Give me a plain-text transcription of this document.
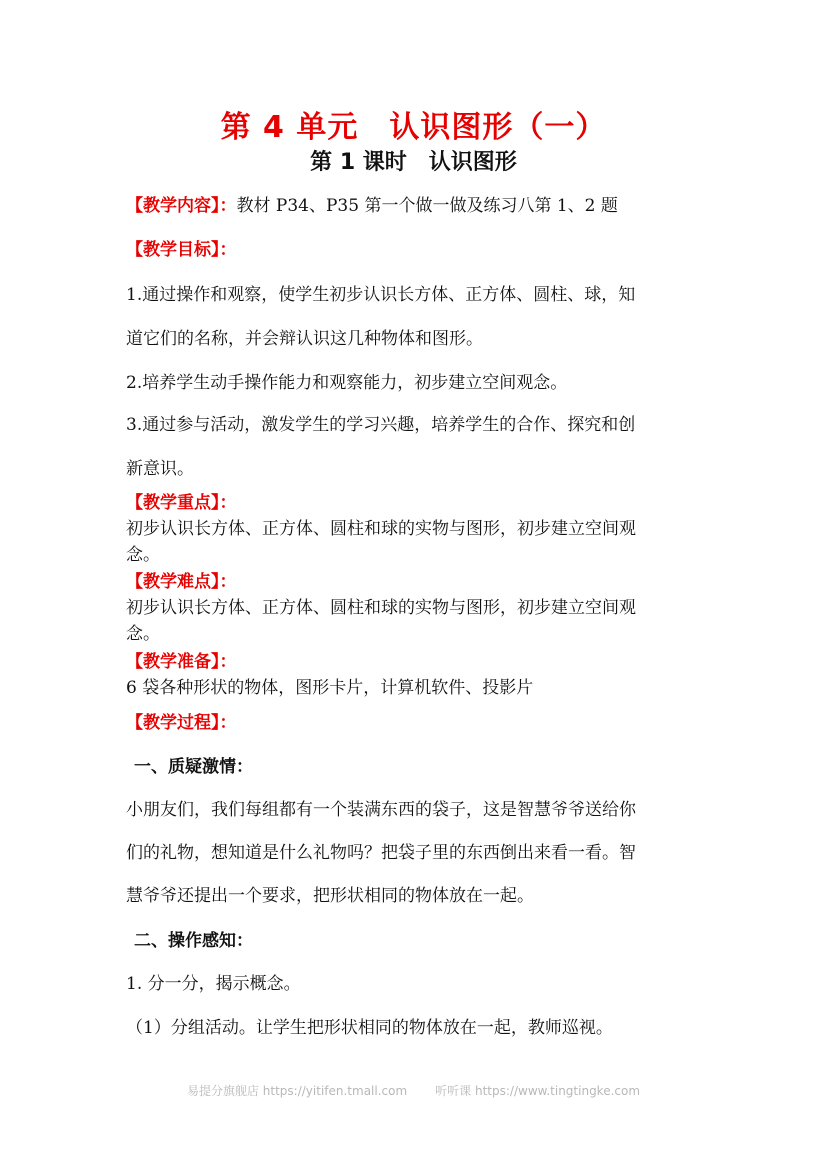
第 4 单元　认识图形（一）
第 1 课时　认识图形
【教学内容】：教材 P34、P35 第一个做一做及练习八第 1、2 题
【教学目标】：
1.通过操作和观察，使学生初步认识长方体、正方体、圆柱、球，知
道它们的名称，并会辩认识这几种物体和图形。
2.培养学生动手操作能力和观察能力，初步建立空间观念。
3.通过参与活动，激发学生的学习兴趣，培养学生的合作、探究和创
新意识。
【教学重点】：
初步认识长方体、正方体、圆柱和球的实物与图形，初步建立空间观
念。
【教学难点】：
初步认识长方体、正方体、圆柱和球的实物与图形，初步建立空间观
念。
【教学准备】：
6 袋各种形状的物体，图形卡片，计算机软件、投影片
【教学过程】：
一、质疑激情：
小朋友们，我们每组都有一个装满东西的袋子，这是智慧爷爷送给你
们的礼物，想知道是什么礼物吗？把袋子里的东西倒出来看一看。智
慧爷爷还提出一个要求，把形状相同的物体放在一起。
二、操作感知：
1. 分一分，揭示概念。
（1）分组活动。让学生把形状相同的物体放在一起，教师巡视。
易提分旗舰店 https://yitifen.tmall.com 听听课 https://www.tingtingke.com
